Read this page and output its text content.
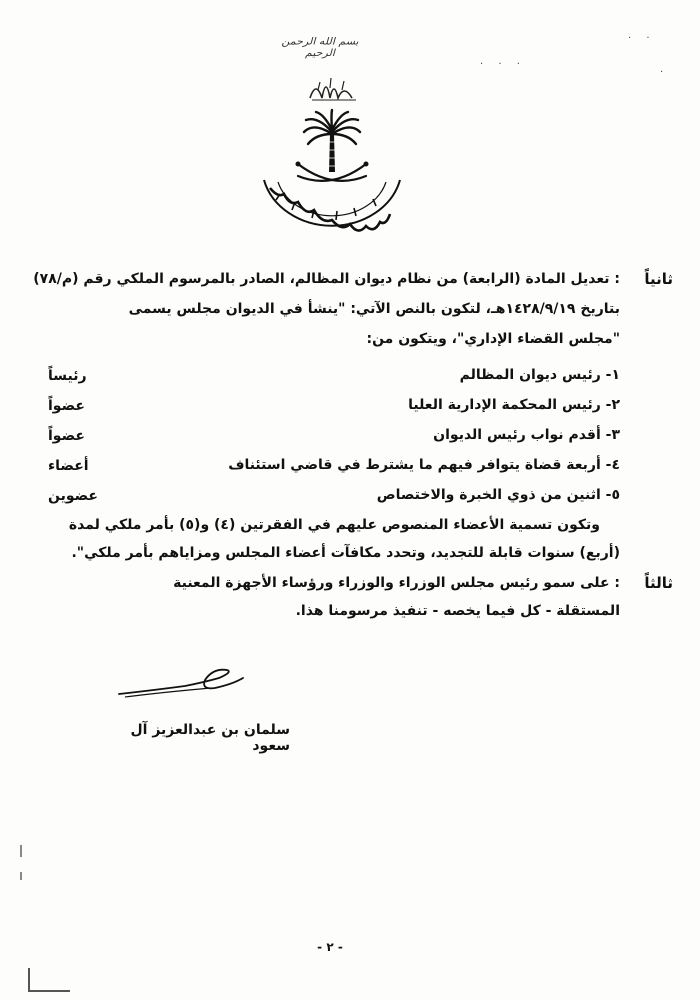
بسم الله الرحمن الرحيم
. .
. . .
.
ثانياً
: تعديل المادة (الرابعة) من نظام ديوان المظالم، الصادر بالمرسوم الملكي رقم (م/٧٨)
بتاريخ ١٤٢٨/٩/١٩هـ، لتكون بالنص الآتي: "ينشأ في الديوان مجلس يسمى
"مجلس القضاء الإداري"، ويتكون من:
١- رئيس ديوان المظالم
رئيساً
٢- رئيس المحكمة الإدارية العليا
عضواً
٣- أقدم نواب رئيس الديوان
عضواً
٤- أربعة قضاة يتوافر فيهم ما يشترط في قاضي استئناف
أعضاء
٥- اثنين من ذوي الخبرة والاختصاص
عضوين
وتكون تسمية الأعضاء المنصوص عليهم في الفقرتين (٤) و(٥) بأمر ملكي لمدة
(أربع) سنوات قابلة للتجديد، وتحدد مكافآت أعضاء المجلس ومزاياهم بأمر ملكي".
ثالثاً
: على سمو رئيس مجلس الوزراء والوزراء ورؤساء الأجهزة المعنية
المستقلة - كل فيما يخصه - تنفيذ مرسومنا هذا.
سلمان بن عبدالعزيز آل سعود
- ٢ -
